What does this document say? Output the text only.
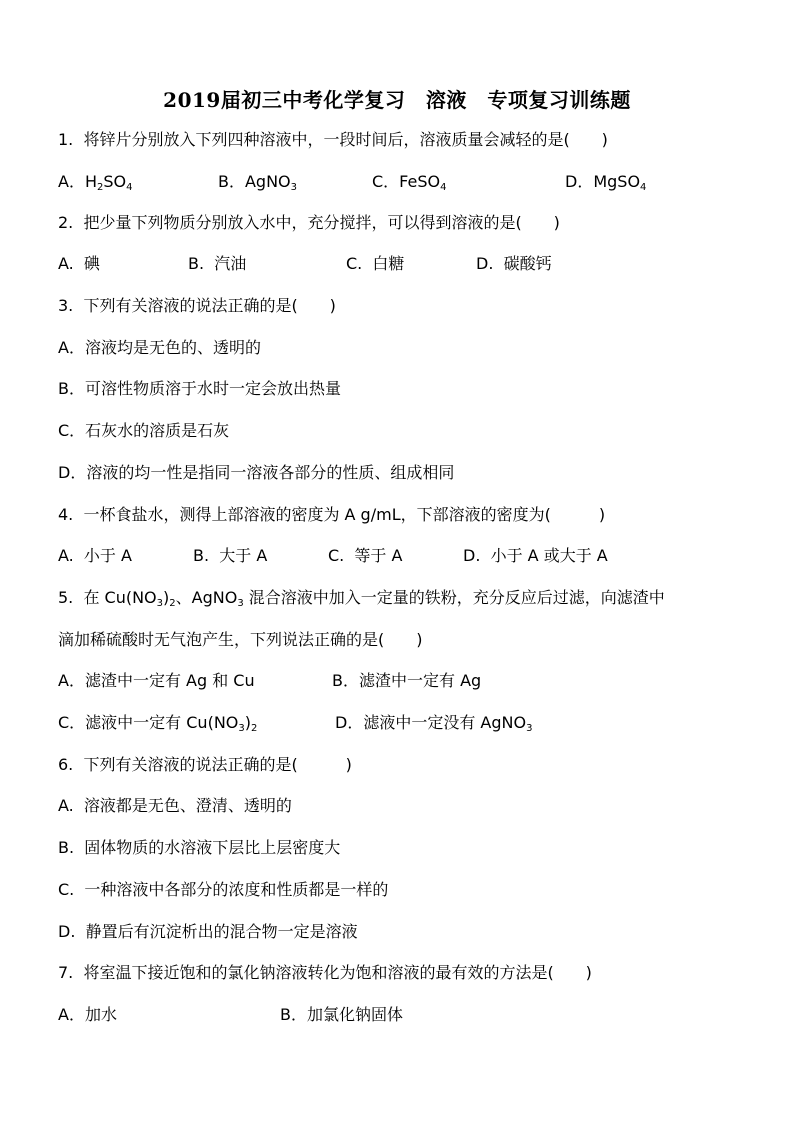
2019届初三中考化学复习　溶液　专项复习训练题
1.  将锌片分别放入下列四种溶液中，一段时间后，溶液质量会减轻的是(　　)

A．$H_2SO_4$

	B．AgNO$_3$

	C．FeSO$_4$

	D．MgSO$_4$

2.  把少量下列物质分别放入水中，充分搅拌，可以得到溶液的是(　　)

A.  碘

	B.  汽油

	C.  白糖

	D.  碳酸钙

3.  下列有关溶液的说法正确的是(　　)
A．溶液均是无色的、透明的
B．可溶性物质溶于水时一定会放出热量
C．石灰水的溶质是石灰
D．溶液的均一性是指同一溶液各部分的性质、组成相同
4.  一杯食盐水，测得上部溶液的密度为 A g/mL，下部溶液的密度为(　　　)

A.  小于 A

	B.  大于 A

	C.  等于 A

	D.  小于 A 或大于 A

5.  在 $Cu(NO_3)_2$、AgNO$_3$ 混合溶液中加入一定量的铁粉，充分反应后过滤，向滤渣中
滴加稀硫酸时无气泡产生，下列说法正确的是(　　)

A．滤渣中一定有 Ag 和 Cu

	B．滤渣中一定有 Ag

C．滤液中一定有 $Cu(NO_3)_2$

	D．滤液中一定没有 AgNO$_3$

6.  下列有关溶液的说法正确的是(　　　)
A.  溶液都是无色、澄清、透明的
B.  固体物质的水溶液下层比上层密度大
C.  一种溶液中各部分的浓度和性质都是一样的
D.  静置后有沉淀析出的混合物一定是溶液
7.  将室温下接近饱和的氯化钠溶液转化为饱和溶液的最有效的方法是(　　)

A．加水

	B．加氯化钠固体
